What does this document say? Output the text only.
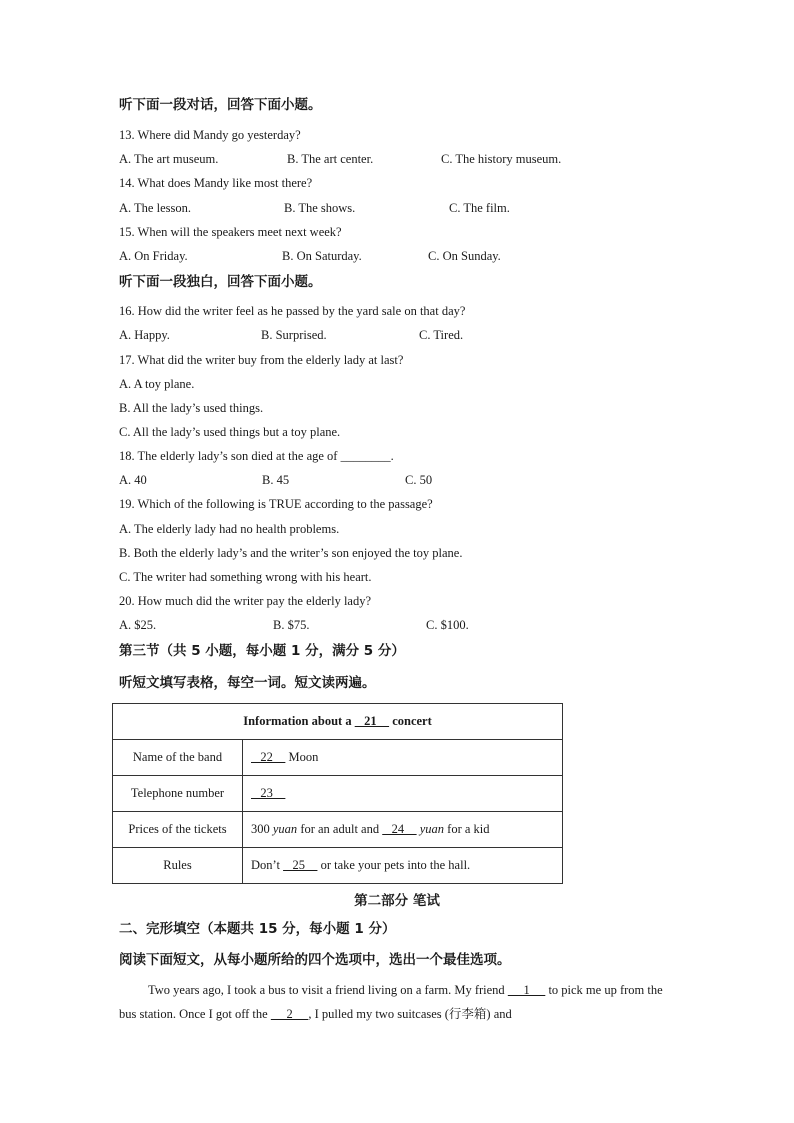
听下面一段对话，回答下面小题。
13. Where did Mandy go yesterday?
A. The art museum.	B. The art center.	C. The history museum.
14. What does Mandy like most there?
A. The lesson.	B. The shows.	C. The film.
15. When will the speakers meet next week?
A. On Friday.	B. On Saturday.	C. On Sunday.
听下面一段独白，回答下面小题。
16. How did the writer feel as he passed by the yard sale on that day?
A. Happy.	B. Surprised.	C. Tired.
17. What did the writer buy from the elderly lady at last?
A. A toy plane.
B. All the lady’s used things.
C. All the lady’s used things but a toy plane.
18. The elderly lady’s son died at the age of ________.
A. 40	B. 45	C. 50
19. Which of the following is TRUE according to the passage?
A. The elderly lady had no health problems.
B. Both the elderly lady’s and the writer’s son enjoyed the toy plane.
C. The writer had something wrong with his heart.
20. How much did the writer pay the elderly lady?
A. $25.	B. $75.	C. $100.
第三节（共 5 小题，每小题 1 分，满分 5 分）
听短文填写表格，每空一词。短文读两遍。
Information about a    21     concert	
Name of the band	22     Moon
Telephone number	23
Prices of the tickets	300 yuan for an adult and    24     yuan for a kid
Rules	Don’t    25     or take your pets into the hall.
第二部分 笔试
二、完形填空（本题共 15 分，每小题 1 分）
阅读下面短文，从每小题所给的四个选项中，选出一个最佳选项。
Two years ago, I took a bus to visit a friend living on a farm. My friend      1      to pick me up from the bus station. Once I got off the      2     , I pulled my two suitcases (行李箱) and
